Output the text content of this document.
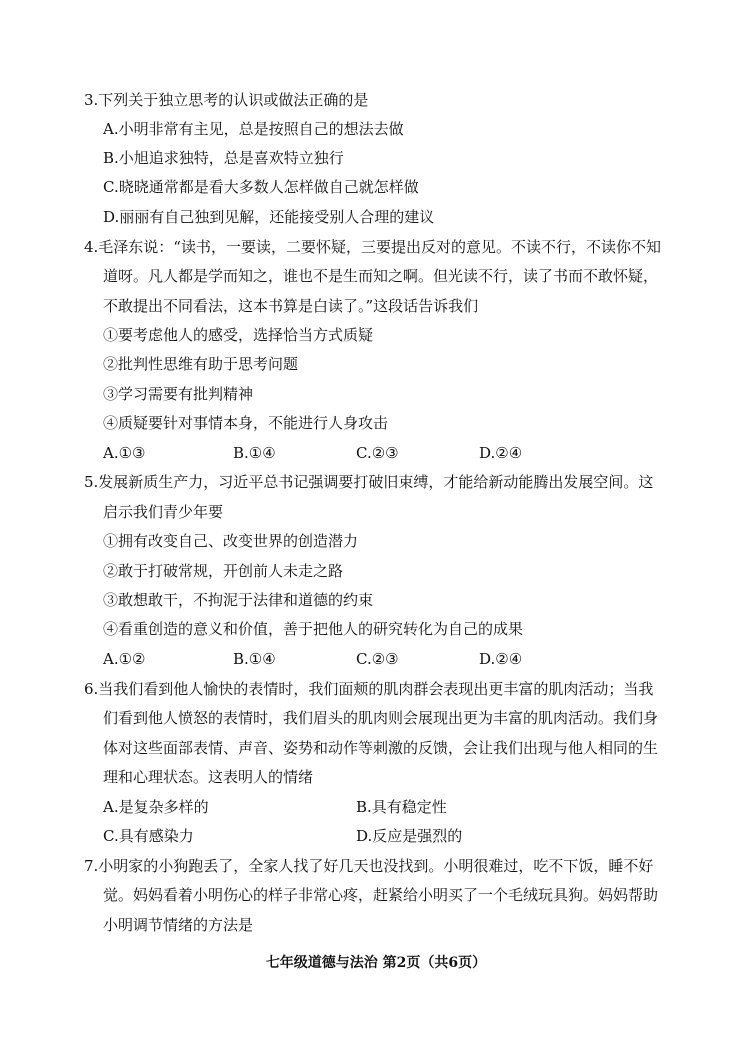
3.下列关于独立思考的认识或做法正确的是
A.小明非常有主见，总是按照自己的想法去做
B.小旭追求独特，总是喜欢特立独行
C.晓晓通常都是看大多数人怎样做自己就怎样做
D.丽丽有自己独到见解，还能接受别人合理的建议
4.毛泽东说：“读书，一要读，二要怀疑，三要提出反对的意见。不读不行，不读你不知
道呀。凡人都是学而知之，谁也不是生而知之啊。但光读不行，读了书而不敢怀疑，
不敢提出不同看法，这本书算是白读了。”这段话告诉我们
①要考虑他人的感受，选择恰当方式质疑
②批判性思维有助于思考问题
③学习需要有批判精神
④质疑要针对事情本身，不能进行人身攻击
A.①③	B.①④	C.②③	D.②④
5.发展新质生产力，习近平总书记强调要打破旧束缚，才能给新动能腾出发展空间。这
启示我们青少年要
①拥有改变自己、改变世界的创造潜力
②敢于打破常规，开创前人未走之路
③敢想敢干，不拘泥于法律和道德的约束
④看重创造的意义和价值，善于把他人的研究转化为自己的成果
A.①②	B.①④	C.②③	D.②④
6.当我们看到他人愉快的表情时，我们面颊的肌肉群会表现出更丰富的肌肉活动；当我
们看到他人愤怒的表情时，我们眉头的肌肉则会展现出更为丰富的肌肉活动。我们身
体对这些面部表情、声音、姿势和动作等刺激的反馈，会让我们出现与他人相同的生
理和心理状态。这表明人的情绪
A.是复杂多样的	B.具有稳定性
C.具有感染力	D.反应是强烈的
7.小明家的小狗跑丢了，全家人找了好几天也没找到。小明很难过，吃不下饭，睡不好
觉。妈妈看着小明伤心的样子非常心疼，赶紧给小明买了一个毛绒玩具狗。妈妈帮助
小明调节情绪的方法是
七年级道德与法治 第2页（共6页）
